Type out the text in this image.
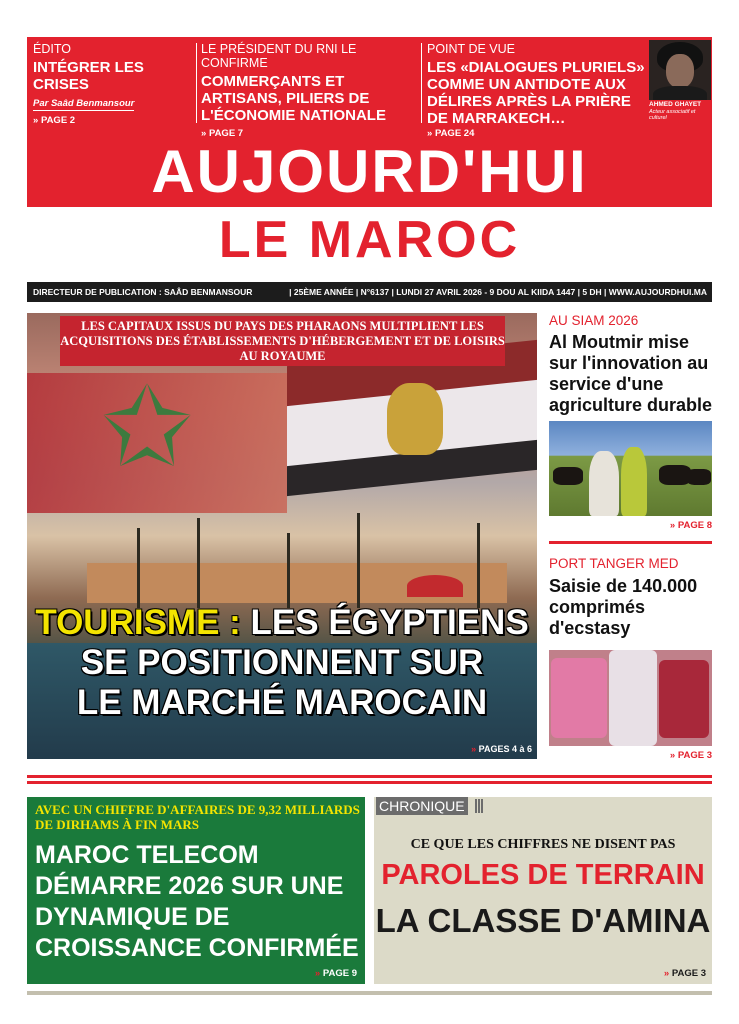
ÉDITO
INTÉGRER LES CRISES
Par Saâd Benmansour
» PAGE 2
LE PRÉSIDENT DU RNI LE CONFIRME
COMMERÇANTS ET ARTISANS, PILIERS DE L'ÉCONOMIE NATIONALE
» PAGE 7
POINT DE VUE
LES «DIALOGUES PLURIELS» COMME UN ANTIDOTE AUX DÉLIRES APRÈS LA PRIÈRE DE MARRAKECH…
» PAGE 24
AHMED GHAYET
Acteur associatif et culturel
AUJOURD'HUI
LE MAROC
DIRECTEUR DE PUBLICATION : SAÂD BENMANSOUR	| 25ÈME ANNÉE | N°6137 | LUNDI 27 AVRIL 2026 - 9 DOU AL KIIDA 1447 | 5 DH | WWW.AUJOURDHUI.MA
✩
LES CAPITAUX ISSUS DU PAYS DES PHARAONS MULTIPLIENT LES ACQUISITIONS DES ÉTABLISSEMENTS D'HÉBERGEMENT ET DE LOISIRS AU ROYAUME
TOURISME : LES ÉGYPTIENS
SE POSITIONNENT SUR
LE MARCHÉ MAROCAIN
» PAGES 4 à 6
AU SIAM 2026
Al Moutmir mise sur l'innovation au service d'une agriculture durable
» PAGE 8
PORT TANGER MED
Saisie de 140.000 comprimés d'ecstasy
» PAGE 3
AVEC UN CHIFFRE D'AFFAIRES DE 9,32 MILLIARDS DE DIRHAMS À FIN MARS
MAROC TELECOM DÉMARRE 2026 SUR UNE DYNAMIQUE DE CROISSANCE CONFIRMÉE
» PAGE 9
CHRONIQUE
CE QUE LES CHIFFRES NE DISENT PAS
PAROLES DE TERRAIN
LA CLASSE D'AMINA
» PAGE 3
